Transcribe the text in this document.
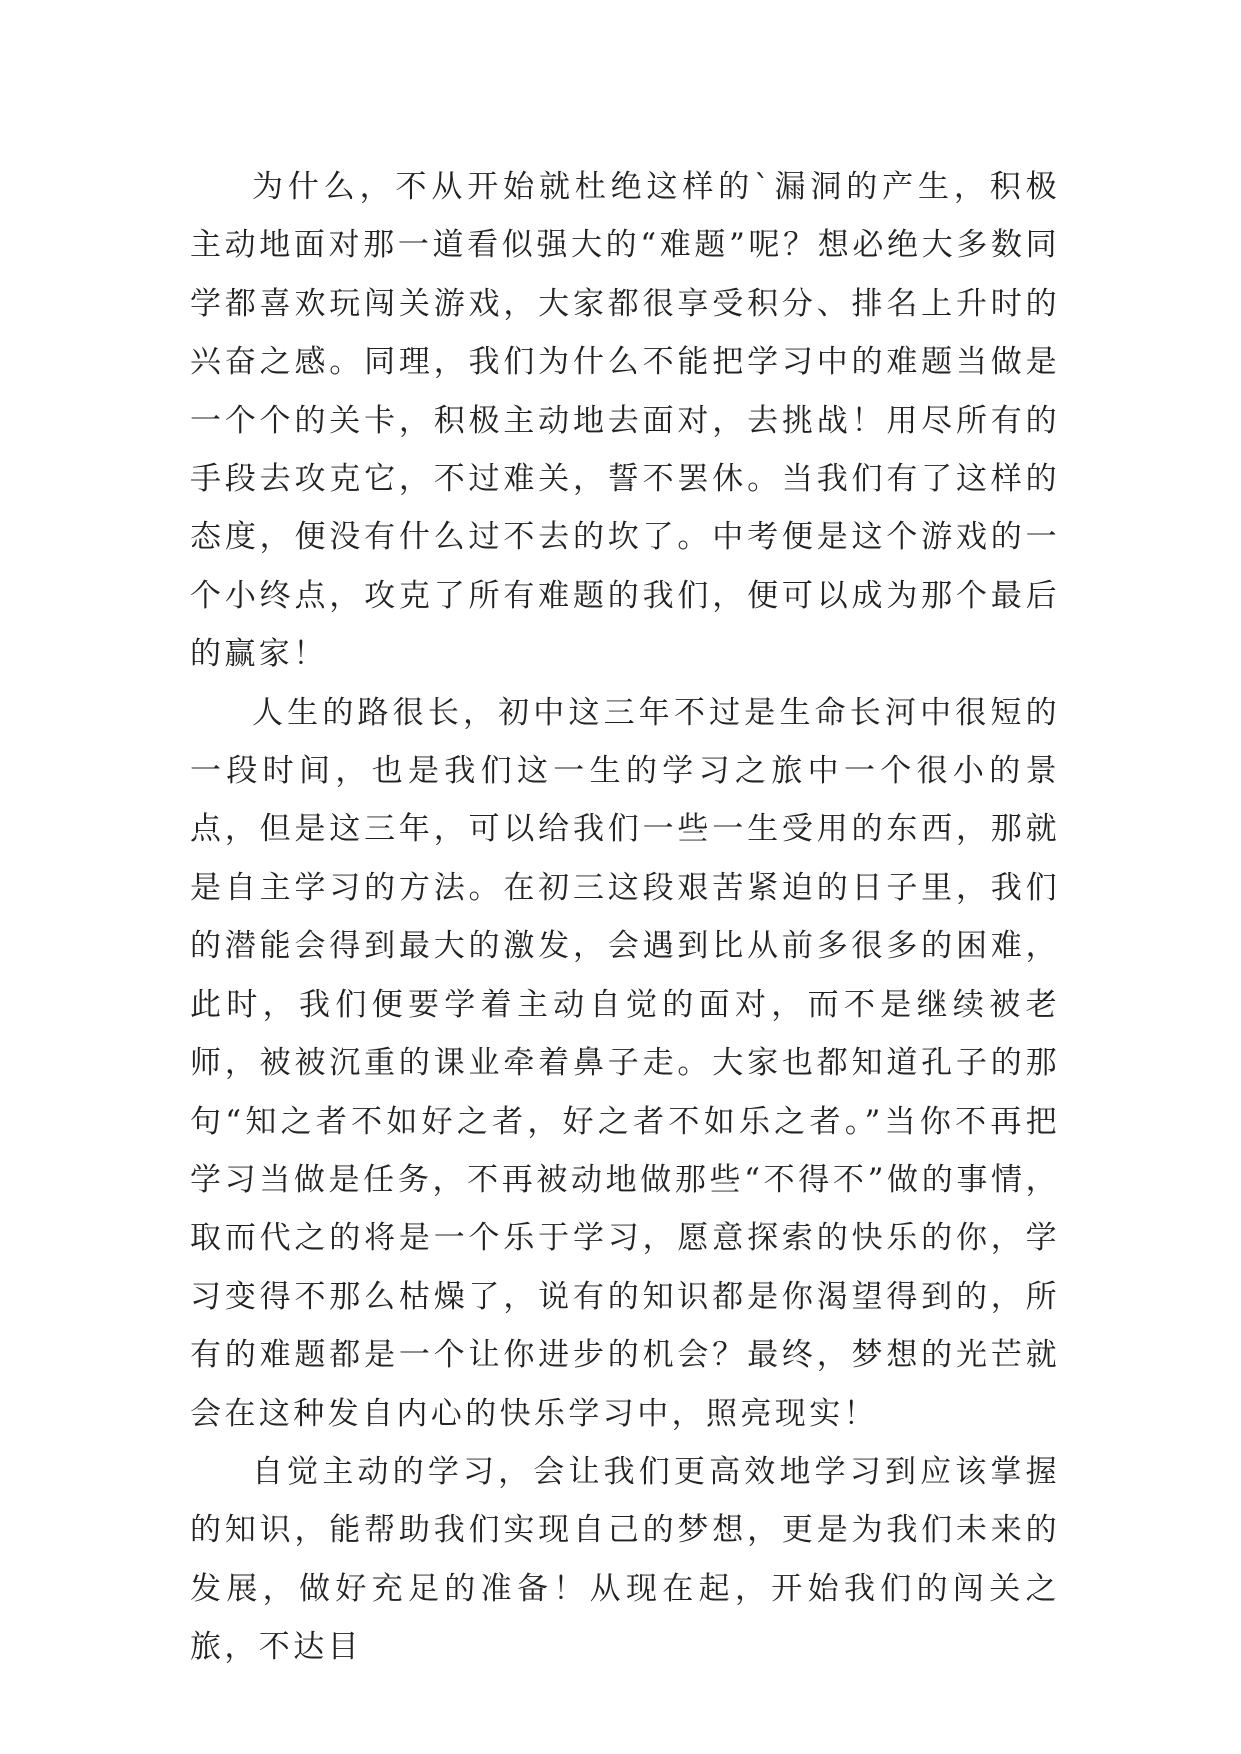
为什么，不从开始就杜绝这样的`漏洞的产生，积极主动地面对那一道看似强大的“难题”呢？想必绝大多数同学都喜欢玩闯关游戏，大家都很享受积分、排名上升时的兴奋之感。同理，我们为什么不能把学习中的难题当做是一个个的关卡，积极主动地去面对，去挑战！用尽所有的手段去攻克它，不过难关，誓不罢休。当我们有了这样的态度，便没有什么过不去的坎了。中考便是这个游戏的一个小终点，攻克了所有难题的我们，便可以成为那个最后的赢家！

人生的路很长，初中这三年不过是生命长河中很短的一段时间，也是我们这一生的学习之旅中一个很小的景点，但是这三年，可以给我们一些一生受用的东西，那就是自主学习的方法。在初三这段艰苦紧迫的日子里，我们的潜能会得到最大的激发，会遇到比从前多很多的困难，此时，我们便要学着主动自觉的面对，而不是继续被老师，被被沉重的课业牵着鼻子走。大家也都知道孔子的那句“知之者不如好之者，好之者不如乐之者。”当你不再把学习当做是任务，不再被动地做那些“不得不”做的事情，取而代之的将是一个乐于学习，愿意探索的快乐的你，学习变得不那么枯燥了，说有的知识都是你渴望得到的，所有的难题都是一个让你进步的机会？最终，梦想的光芒就会在这种发自内心的快乐学习中，照亮现实！

自觉主动的学习，会让我们更高效地学习到应该掌握的知识，能帮助我们实现自己的梦想，更是为我们未来的发展，做好充足的准备！从现在起，开始我们的闯关之旅，不达目
